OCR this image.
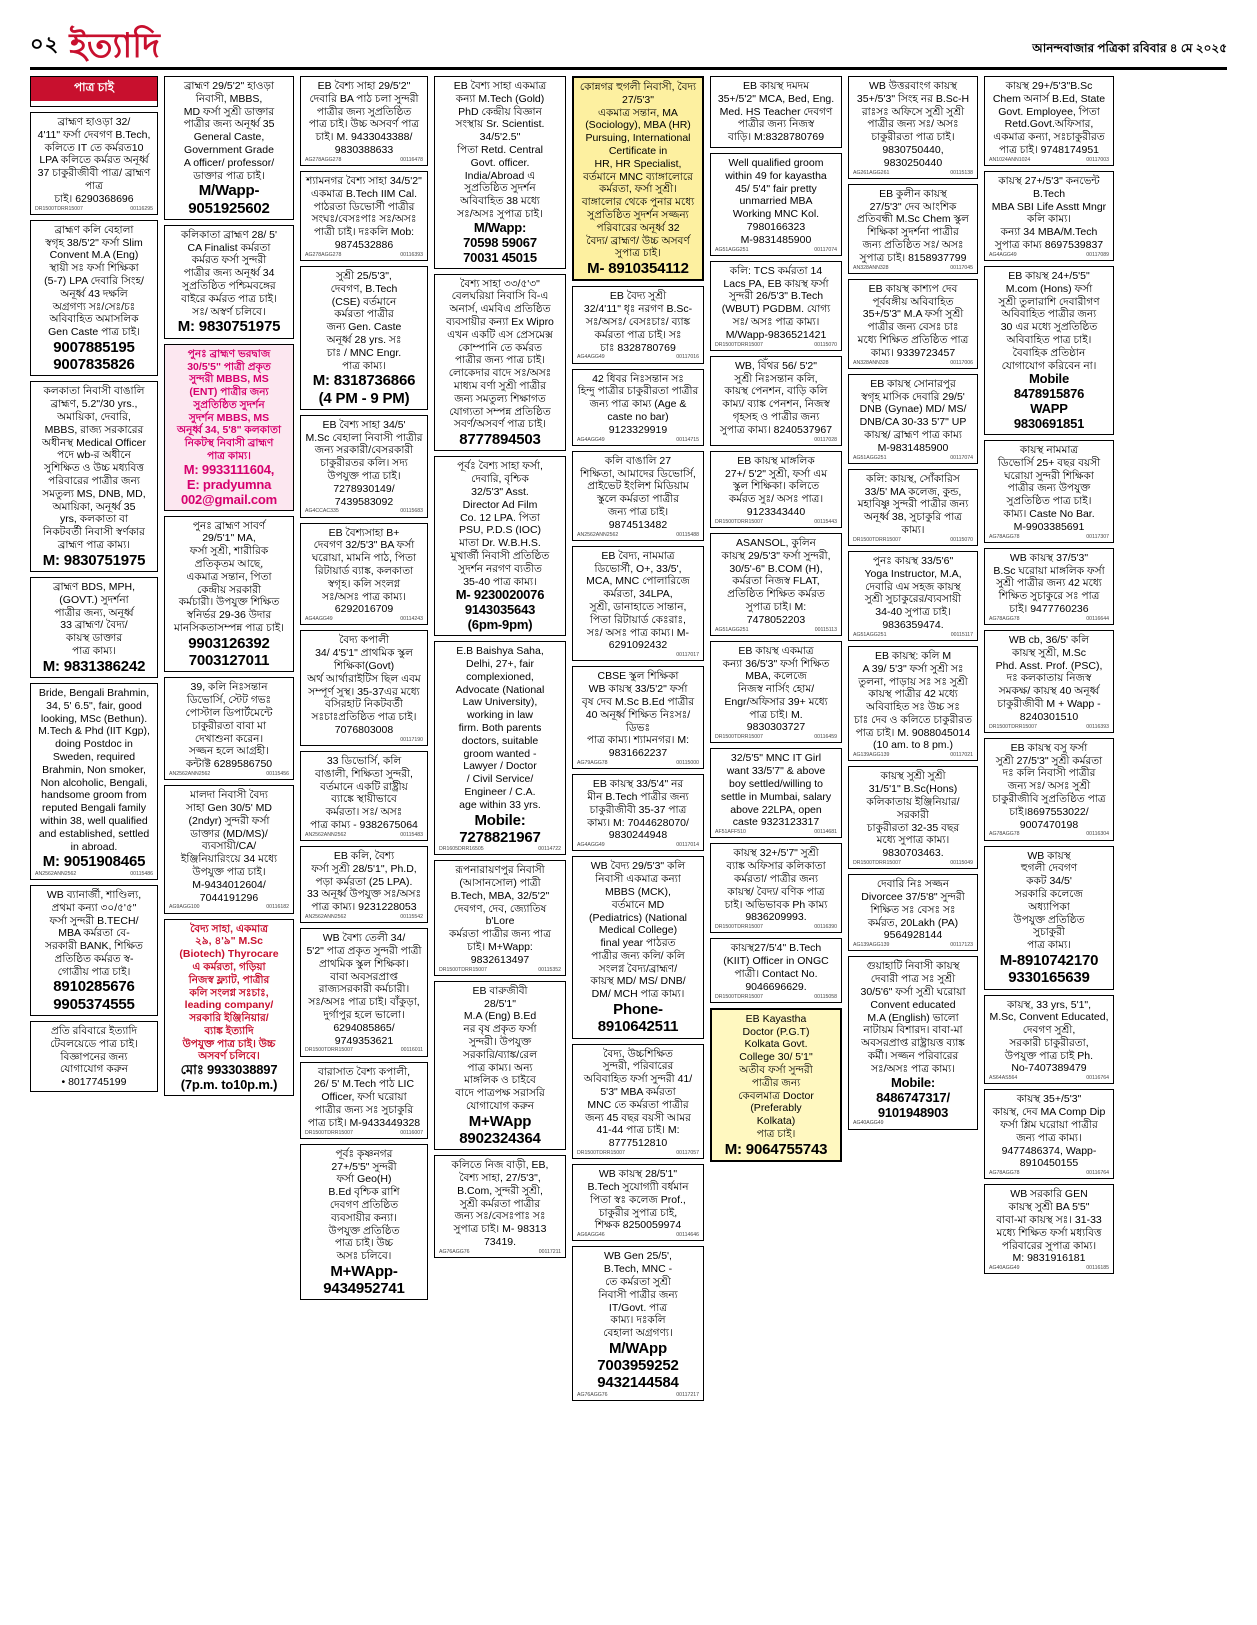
০২ ইত্যাদি	আনন্দবাজার পত্রিকা রবিবার ৪ মে ২০২৫
পাত্র চাই
ব্রাহ্মণ হাওড়া 32/
4'11" ফর্সা দেবগণ B.Tech,
কলিতে IT তে কর্মরত10
LPA কলিতে কর্মরত অনূর্ধ্ব
37 চাকুরীজীবী পাত্র/ ব্রাহ্মণ পাত্র
চাই। 6290368696
DR1500TDRR15007	00116295
ব্রাহ্মণ কলি বেহালা
স্বগৃহ 38/5'2" ফর্সা Slim
Convent M.A (Eng)
স্থায়ী সঃ ফর্সা শিক্ষিকা
(5-7) LPA দেবারি সিংহ/
অনূর্ধ্ব 43 দক্ষলি
অগ্রগণ্য সঃ/সেঃ/চঃ
অবিবাহিত অমাসলিক
Gen Caste পাত্র চাই।
9007885195
9007835826
কলকাতা নিবাসী বাঙালি
ব্রাহ্মণ, 5.2"/30 yrs.,
অমায়িকা, দেবারি,
MBBS, রাজ্য সরকারের
অধীনস্থ Medical Officer
পদে wb-র অধীনে
সুশিক্ষিত ও উচ্চ মধ্যবিত্ত
পরিবারের পাত্রীর জন্য
সমতুল্য MS, DNB, MD,
অমায়িকা, অনূর্ধ্ব 35
yrs, কলকাতা বা
নিকটবর্তী নিবাসী স্বর্ণকার
ব্রাহ্মণ পাত্র কাম্য।
M: 9830751975
ব্রাহ্মণ BDS, MPH,
(GOVT.) সুদর্শনা
পাত্রীর জন্য, অনূর্ধ্ব
33 ব্রাহ্মণ/ বৈদ্য/
কায়স্থ ডাক্তার
পাত্র কাম্য।
M: 9831386242
Bride, Bengali Brahmin,
34, 5' 6.5", fair, good
looking, MSc (Bethun).
M.Tech & Phd (IIT Kgp),
doing Postdoc in
Sweden, required
Brahmin, Non smoker,
Non alcoholic, Bengali,
handsome groom from
reputed Bengali family
within 38, well qualified
and established, settled
in abroad.
M: 9051908465
AN2562ANN2562	00115486
WB ব্যানার্জী, শাণ্ডিল্য,
প্রথমা কন্যা ৩০/৫'৫"
ফর্সা সুন্দরী B.TECH/
MBA কর্মরতা বে-
সরকারী BANK, শিক্ষিত
প্রতিষ্ঠিত কর্মরত স্ব-
গোত্রীয় পাত্র চাই।
8910285676
9905374555
প্রতি রবিবারে ইত্যাদি
টেবলয়েডে পাত্র চাই।
বিজ্ঞাপনের জন্য
যোগাযোগ করুন
• 8017745199
ব্রাহ্মণ 29/5'2" হাওড়া
নিবাসী, MBBS,
MD ফর্সা সুশ্রী ডাক্তার
পাত্রীর জন্য অনূর্ধ্ব 35
General Caste,
Government Grade
A officer/ professor/
ডাক্তার পাত্র চাই।
M/Wapp-
9051925602
কলিকাতা ব্রাহ্মণ 28/ 5'
CA Finalist কর্মরতা
কর্মরত ফর্সা সুন্দরী
পাত্রীর জন্য অনূর্ধ্ব 34
সুপ্রতিষ্ঠিত পশ্চিমবঙ্গের
বাইরে কর্মরত পাত্র চাই।
সঃ/ অস্বর্ণ চলিবে।
M: 9830751975
পুনঃ ব্রাহ্মণ ভরদ্বাজ
30/5'5" পাত্রী প্রকৃত
সুন্দরী MBBS, MS
(ENT) পাত্রীর জন্য
সুপ্রতিষ্ঠিত সুদর্শন
সুদর্শন MBBS, MS
অনূর্ধ্ব 34, 5'8" কলকাতা
নিকটস্থ নিবাসী ব্রাহ্মণ
পাত্র কাম্য।
M: 9933111604,
E: pradyumna
002@gmail.com
পুনঃ ব্রাহ্মণ সাবর্ণ
29/5'1" MA,
ফর্সা সুশ্রী, শারীরিক
প্রতিকৃতম আছে,
একমাত্র সন্তান, পিতা
কেন্দ্রীয় সরকারী
কর্মচারী। উপযুক্ত শিক্ষিত
স্বনির্ভর 29-36 উদার
মানসিকতাসম্পন্ন পাত্র চাই।
9903126392
7003127011
39, কলি নিঃসন্তান
ডিভোর্সি, স্টেট গভঃ
পোস্টাল ডিপার্টমেন্টে
চাকুরীরতা বাবা মা
দেখাশুনা করেন।
সজ্জন হলে আগ্রহী।
কন্টাক্ট 6289586750
AN2562ANN2562	00115456
মালদা নিবাসী বৈদ্য
সাহা Gen 30/5' MD
(2ndyr) সুন্দরী ফর্সা
ডাক্তার (MD/MS)/
ব্যবসায়ী/CA/
ইঞ্জিনিয়ারিংয়ে 34 মধ্যে
উপযুক্ত পাত্র চাই।
M-9434012604/
7044191296
AG9AGG100	00116182
বৈদ্য সাহা, একমাত্র
২৯, ৪'৯" M.Sc
(Biotech) Thyrocare
এ কর্মরতা, গড়িয়া
নিজস্ব ফ্ল্যাট, পাত্রীর
কলি সংলগ্ন সঃচাঃ,
leading company/
সরকারি ইঞ্জিনিয়ার/
ব্যাঙ্ক ইত্যাদি
উপযুক্ত পাত্র চাই। উচ্চ
অসবর্ণ চলিবে।
মোঃ 9933038897
(7p.m. to10p.m.)
EB বৈশ্য সাহা 29/5'2"
দেবারি BA পাঠ চলা সুন্দরী
পাত্রীর জন্য সুপ্রতিষ্ঠিত
পাত্র চাই। উচ্চ অসবর্ণ পাত্র
চাই। M. 9433043388/
9830388633
AG278AGG278	00116478
শ্যামনগর বৈশ্য সাহা 34/5'2"
একমাত্র B.Tech IIM Cal.
পাঠরতা ডিভোর্সী পাত্রীর
সংঘঃ/বেসঃপাঃ সঃ/অসঃ
পাত্রী চাই। দঃকলি Mob:
9874532886
AG278AGG278	00116393
সুশ্রী 25/5'3",
দেবগণ, B.Tech
(CSE) বর্তমানে
কর্মরতা পাত্রীর
জন্য Gen. Caste
অনূর্ধ্ব 28 yrs. সঃ
চাঃ / MNC Engr.
পাত্র কাম্য।
M: 8318736866
(4 PM - 9 PM)
EB বৈশ্য সাহা 34/5'
M.Sc বেহালা নিবাসী পাত্রীর
জন্য সরকারী/বেসরকারী
চাকুরীরতর কলি। সদ্য
উপযুক্ত পাত্র চাই।
7278930149/ 7439583092
AG4CCAC335	00115683
EB বৈশ্যসাহা B+
দেবগণ 32/5'3" BA ফর্সা
ঘরোয়া, মামনি পাঠ, পিতা
রিটায়ার্ড ব্যাঙ্ক, কলকাতা
স্বগৃহ। কলি সংলগ্ন
সঃ/অসঃ পাত্র কাম্য।
6292016709
AG4AGG49	00114243
বৈদ্য কপালী
34/ 4'5'1" প্রাথমিক স্কুল
শিক্ষিকা(Govt)
অর্থ আর্থারাইটিস ছিল এবম
সম্পূর্ণ সুস্থ। 35-37এর মধ্যে
বসিরহাট নিকটবর্তী
সঃচাঃপ্রতিষ্ঠিত পাত্র চাই।
7076803008
00117190
33 ডিভোর্সি, কলি
বাঙালী, শিক্ষিতা সুন্দরী,
বর্তমানে একটি রাষ্ট্রীয়
ব্যাঙ্কে স্থায়ীভাবে
কর্মরতা। সঃ/ অসঃ
পাত্র কাম্য - 9382675064
AN2562ANN2562	00115483
EB কলি, বৈশ্য
ফর্সা সুশ্রী 28/5'1", Ph.D,
পড়া কর্মরতা (25 LPA).
33 অনূর্ধ্ব উপযুক্ত সঃ/অসঃ
পাত্র কাম্য। 9231228053
AN2562ANN2562	00115542
WB বৈশ্য তেলী 34/
5'2" পাত্র প্রকৃত সুন্দরী পাত্রী
প্রাথমিক স্কুল শিক্ষিকা।
বাবা অবসরপ্রাপ্ত
রাজ্যসরকারী কর্মচারী।
সঃ/অসঃ পাত্র চাই। বাঁকুড়া,
দুর্গাপুর হলে ভালো।
6294085865/ 9749353621
DR1500TDRR15007	00116011
বারাসাত বৈশ্য কপালী,
26/ 5' M.Tech পাঠ LIC
Officer, ফর্সা ঘরোয়া
পাত্রীর জন্য সঃ সুচাকুরি
পাত্র চাই। M-9433449328
DR1500TDRR15007	00116007
পূর্বঃ কৃষ্ণনগর
27+/5'5" সুন্দরী
ফর্সা Geo(H)
B.Ed বৃশ্চিক রাশি
দেবগণ প্রতিষ্ঠিত
ব্যবসায়ীর কন্যা।
উপযুক্ত প্রতিষ্ঠিত
পাত্র চাই। উচ্চ
অসঃ চলিবে।
M+WApp-
9434952741
EB বৈশ্য সাহা একমাত্র
কন্যা M.Tech (Gold)
PhD কেন্দ্রীয় বিজ্ঞান
সংস্থায় Sr. Scientist.
34/5'2.5"
পিতা Retd. Central
Govt. officer.
India/Abroad এ
সুপ্রতিষ্ঠিত সুদর্শন
অবিবাহিত 38 মধ্যে
সঃ/অসঃ সুপাত্র চাই।
M/Wapp:
70598 59067
70031 45015
বৈশ্য সাহা ৩৩/৫'৩"
বেলঘরিয়া নিবাসি বি-এ
অনার্স, এমবিএ প্রতিষ্ঠিত
ব্যবসায়ীর কন্যা Ex Wipro
এখন একটি এস প্রেসমেক্স
কোম্পানি তে কর্মরত
পাত্রীর জন্য পাত্র চাই।
লোকেদার বাদে সঃ/অসঃ
মাধ্যম বর্ণা সুশ্রী পাত্রীর
জন্য সমতুল্য শিক্ষাগত
যোগ্যতা সম্পন্ন প্রতিষ্ঠিত
সবর্ণ/অসবর্ণ পাত্র চাই।
8777894503
পূর্বঃ বৈশ্য সাহা ফর্সা,
দেবারি, বৃশ্চিক
32/5'3" Asst.
Director Ad Film
Co. 12 LPA. পিতা
PSU, P.D.S (IOC)
মাতা Dr. W.B.H.S.
মুখার্জী নিবাসী প্রতিষ্ঠিত
সুদর্শন নরগণ ব্যতীত
35-40 পাত্র কাম্য।
M- 9230020076
9143035643
(6pm-9pm)
E.B Baishya Saha,
Delhi, 27+, fair
complexioned,
Advocate (National
Law University),
working in law
firm. Both parents
doctors, suitable
groom wanted -
Lawyer / Doctor
/ Civil Service/
Engineer / C.A.
age within 33 yrs.
Mobile:
7278821967
DR1605DRR16505	00114722
রূপনারায়ণপুর নিবাসী
(আসানসোল) পাত্রী
B.Tech, MBA, 32/5'2"
দেবগণ, দেব, জ্যোতিষ b'Lore
কর্মরতা পাত্রীর জন্য পাত্র
চাই। M+Wapp:
9832613497
DR1500TDRR15007	00115352
EB বারুজীবী
28/5'1"
M.A (Eng) B.Ed
নর বৃষ প্রকৃত ফর্সা
সুন্দরী। উপযুক্ত
সরকারি/ব্যাঙ্ক/রেল
পাত্র কাম্য। অন্য
মাঙ্গলিক ও চাইবে
বাদে পাত্রপক্ষ সরাসরি
যোগাযোগ করুন
M+WApp
8902324364
কলিতে নিজ বাড়ী, EB,
বৈশ্য সাহা, 27/5'3",
B.Com, সুন্দরী সুশ্রী,
সুশ্রী কর্মরতা পাত্রীর
জন্য সঃ/বেসঃপাঃ সঃ
সুপাত্র চাই। M- 98313
73419.
AG76AGG76	00117211
কোন্নগর হুগলী নিবাসী, বৈদ্য 27/5'3"
একমাত্র সন্তান, MA (Sociology), MBA (HR)
Pursuing, International Certificate in
HR, HR Specialist, বর্তমানে MNC ব্যাঙ্গালোরে
কর্মরতা, ফর্সা সুশ্রী। বাঙ্গালোর থেকে পুনার মধ্যে
সুপ্রতিষ্ঠিত সুদর্শন সজ্জন্য পরিবারের অনূর্ধ্ব 32
বৈদ্য/ ব্রাহ্মণ/ উচ্চ অসবর্ণ সুপাত্র চাই।
M- 8910354112
EB বৈদ্য সুশ্রী
32/4'11" ধৃঃ নরগণ B.Sc-
সঃ/অসঃ/ বেসঃচাঃ/ ব্যাঙ্ক
কর্মরতা পাত্র চাই। সঃ
চাঃ 8328780769
AG4AGG49	00117016
42 ধিবর নিঃসন্তান সঃ
হিন্দু পাত্রীর চাকুরীরতা পাত্রীর
জন্য পাত্র কাম্য (Age &
caste no bar)
9123329919
AG4AGG49	00114715
কলি বাঙালি 27
শিক্ষিতা, আমাদের ডিভোর্সি,
প্রাইভেট ইংলিশ মিডিয়াম
স্কুলে কর্মরতা পাত্রীর
জন্য পাত্র চাই।
9874513482
AN2562ANN2562	00115488
EB বৈদ্য, নামমাত্র
ডিভোর্সী, O+, 33/5',
MCA, MNC পোলারিজে
কর্মরতা, 34LPA,
সুশ্রী, ডানাহাতে সান্তান,
পিতা রিটায়ার্ড কেঃরাঃ,
সঃ/ অসঃ পাত্র কাম্য। M-
6291092432
00117017
CBSE স্কুল শিক্ষিকা
WB কায়স্থ 33/5'2" ফর্সা
বৃষ দেব M.Sc B.Ed পাত্রীর
40 অনূর্ধ্ব শিক্ষিত নিঃসঃ/ডিভঃ
পাত্র কাম্য। শ্যামনগর। M:
9831662237
AG79AGG78	00115000
EB কায়স্থ 33/5'4" নর
মীন B.Tech পাত্রীর জন্য
চাকুরীজীবী 35-37 পাত্র
কাম্য। M: 7044628070/
9830244948
AG4AGG49	00117014
WB বৈদ্য 29/5'3" কলি
নিবাসী একমাত্র কন্যা
MBBS (MCK),
বর্তমানে MD
(Pediatrics) (National
Medical College)
final year পাঠরত
পাত্রীর জন্য কলি/ কলি
সংলগ্ন বৈদ্য/ব্রাহ্মণ/
কায়স্থ MD/ MS/ DNB/
DM/ MCH পাত্র কাম্য।
Phone-
8910642511
বৈদ্য, উচ্চশিক্ষিত
সুন্দরী, পরিবারের
অবিবাহিত ফর্সা সুন্দরী 41/
5'3" MBA কর্মরতা
MNC তে কর্মরতা পাত্রীর
জন্য 45 বছর বয়সী আমর
41-44 পাত্র চাই। M:
8777512810
DR1500TDRR15007	00117057
WB কায়স্থ 28/5'1"
B.Tech সুযোগ্যাী বর্ধমান
পিতা স্বঃ কলেজ Prof.,
চাকুরীর সুপাত্র চাই,
শিক্ষক 8250059974
AG6AGG46	00114646
WB Gen 25/5',
B.Tech, MNC -
তে কর্মরতা সুশ্রী
নিবাসী পাত্রীর জন্য
IT/Govt. পাত্র
কাম্য। দঃকলি
বেহালা অগ্রগণ্য।
M/WApp
7003959252
9432144584
AG76AGG76	00117217
EB কায়স্থ দমদম
35+/5'2" MCA, Bed, Eng.
Med. HS Teacher দেবগণ
পাত্রীর জন্য নিজস্ব
বাড়ি। M:8328780769
Well qualified groom
within 49 for kayastha
45/ 5'4" fair pretty
unmarried MBA
Working MNC Kol.
7980166323
M-9831485900
AG51AGG251	00117074
কলি: TCS কর্মরতা 14
Lacs PA, EB কায়স্থ ফর্সা
সুন্দরী 26/5'3" B.Tech
(WBUT) PGDBM. যোগ্য
সঃ/ অসঃ পাত্র কাম্য।
M/Wapp-9836521421
DR1500TDRR15007	00115070
WB, বিঁথর 56/ 5'2"
সুশ্রী নিঃসন্তান কলি,
কায়স্থ পেনশন, বাড়ি কলি
কাম্য/ ব্যাঙ্ক পেনশন, নিজস্ব
গৃহসহ ও পাত্রীর জন্য
সুপাত্র কাম্য। 8240537967
00117028
EB কায়স্থ মাঙ্গলিক
27+/ 5'2" সুশ্রী, ফর্সা এম
স্কুল শিক্ষিকা। কলিতে
কর্মরত সুঃ/ অসঃ পাত্র।
9123343440
DR1500TDRR15007	00115443
ASANSOL, কুলিন
কায়স্থ 29/5'3" ফর্সা সুন্দরী,
30/5'-6" B.COM (H),
কর্মরতা নিজস্ব FLAT,
প্রতিষ্ঠিত শিক্ষিত কর্মরত
সুপাত্র চাই। M:
7478052203
AG51AGG251	00115113
EB কায়স্থ একমাত্র
কন্যা 36/5'3" ফর্সা শিক্ষিত
MBA, কলেজে
নিজস্ব নার্সিং হোম/
Engr/অফিসার 39+ মধ্যে
পাত্র চাই। M.
9830303727
DR1500TDRR15007	00116459
32/5'5" MNC IT Girl
want 33/5'7" & above
boy settled/willing to
settle in Mumbai, salary
above 22LPA, open
caste 9323123317
AF51AFF510	00114681
কায়স্থ 32+/5'7" সুশ্রী
ব্যাঙ্ক অফিসার কলিকাতা
কর্মরতা/ পাত্রীর জন্য
কায়স্থ/ বৈদ্য/ বণিক পাত্র
চাই। অভিভাবক Ph কাম্য
9836209993.
DR1500TDRR15007	00116390
কায়স্থ27/5'4" B.Tech
(KIIT) Officer in ONGC
পাত্রী। Contact No.
9046696629.
DR1500TDRR15007	00115058
EB Kayastha
Doctor (P.G.T)
Kolkata Govt.
College 30/ 5'1"
অতীব ফর্সা সুন্দরী
পাত্রীর জন্য
কেবলমাত্র Doctor
(Preferably
Kolkata)
পাত্র চাই।
M: 9064755743
WB উত্তরবাংগ কায়স্থ
35+/5'3" সিংহ নর B.Sc-H
রাঃসঃ অফিসে সুশ্রী সুশ্রী
পাত্রীর জন্য সঃ/ অসঃ
চাকুরীরতা পাত্র চাই।
9830750440, 9830250440
AG261AGG261	00115138
EB কুলীন কায়স্থ
27/5'3" দেব আংশিক
প্রতিবন্ধী M.Sc Chem স্কুল
শিক্ষিকা সুদর্শনা পাত্রীর
জন্য প্রতিষ্ঠিত সঃ/ অসঃ
সুপাত্র চাই। 8158937799
AN328ANN328	00117045
EB কায়স্থ কাশ্যপ দেব
পূর্ববঙ্গীয় অবিবাহিত
35+/5'3" M.A ফর্সা সুশ্রী
পাত্রীর জন্য বেসঃ চাঃ
মধ্যে শিক্ষিত প্রতিষ্ঠিত পাত্র
কাম্য। 9339723457
AN328ANN328	00117006
EB কায়স্থ সোনারপুর
স্বগৃহ মাসিক দেবারি 29/5'
DNB (Gynae) MD/ MS/
DNB/CA 30-33 5'7" UP
কায়স্থ/ ব্রাহ্মণ পাত্র কাম্য
M-9831485900
AG51AGG251	00117074
কলি: কায়স্থ, সোঁকারিস
33/5' MA কলেজ, কুন্ড,
মহাবিষ্ণু সুন্দরী পাত্রীর জন্য
অনূর্ধ্ব 38, সুচাকুরি পাত্র
কাম্য।
DR1500TDRR15007	00115070
পুনঃ কায়স্থ 33/5'6"
Yoga Instructor, M.A,
দেবারি এম সহজ কায়স্থ
সুশ্রী সুচাকুরের/ব্যবসায়ী
34-40 সুপাত্র চাই।
9836359474.
AG51AGG251	00115117
EB কায়স্থ: কলি M
A 39/ 5'3" ফর্সা সুশ্রী সঃ
তুলনা, পাড়ায় সঃ সঃ সুশ্রী
কায়স্থ পাত্রীর 42 মধ্যে
অবিবাহিত সঃ উচ্চ সঃ
চাঃ দেব ও কলিতে চাকুরীরত
পাত্র চাই। M. 9088045014
(10 am. to 8 pm.)
AG139AGG139	00117021
কায়স্থ সুশ্রী সুশ্রী
31/5'1" B.Sc(Hons)
কলিকাতায় ইঞ্জিনিয়ার/সরকারী
চাকুরীরতা 32-35 বছর
মধ্যে সুপাত্র কাম্য।
9830703463.
DR1500TDRR15007	00115049
দেবারি নিঃ সজ্জন
Divorcee 37/5'8" সুন্দরী
শিক্ষিত সঃ বেসঃ সঃ
কর্মরত, 20Lakh (PA)
9564928144
AG139AGG139	00117123
গুয়াহাটি নিবাসী কায়স্থ
দেবারী পাত্র সঃ সুশ্রী
30/5'6" ফর্সা সুশ্রী ঘরোয়া
Convent educated
M.A (English) ভালো
নাটায়ম বিশারদ। বাবা-মা
অবসরপ্রাপ্ত রাষ্ট্রায়ত্ত ব্যাঙ্ক
কর্মী। সজ্জন পরিবারের
সঃ/অসঃ পাত্র কাম্য।
Mobile:
8486747317/
9101948903
AG40AGG49
কায়স্থ 29+/5'3"B.Sc
Chem অনার্স B.Ed, State
Govt. Employee, পিতা
Retd.Govt.অফিসার,
একমাত্র কন্যা, সঃচাকুরীরত
পাত্র চাই। 9748174951
AN1024ANN1024	00117003
কায়স্থ 27+/5'3" কনভেন্ট B.Tech
MBA SBI Life Asstt Mngr
কলি কাম্য।
কন্যা 34 MBA/M.Tech
সুপাত্র কাম্য 8697539837
AG4AGG49	00117089
EB কায়স্থ 24+/5'5"
M.com (Hons) ফর্সা
সুশ্রী তুলারাশি দেবারীগণ
অবিবাহিত পাত্রীর জন্য
30 এর মধ্যে সুপ্রতিষ্ঠিত
অবিবাহিত পাত্র চাই।
বৈবাহিক প্রতিষ্ঠান
যোগাযোগ করিবেন না।
Mobile
8478915876
WAPP
9830691851
কায়স্থ নামমাত্র
ডিভোর্সি 25+ বছর বয়সী
ঘরোয়া সুন্দরী শিক্ষিকা
পাত্রীর জন্য উপযুক্ত
সুপ্রতিষ্ঠিত পাত্র চাই।
কাম্য। Caste No Bar.
M-9903385691
AG78AGG78	00117307
WB কায়স্থ 37/5'3"
B.Sc ঘরোয়া মাঙ্গলিক ফর্সা
সুশ্রী পাত্রীর জন্য 42 মধ্যে
শিক্ষিত সুচাকুরে সঃ পাত্র
চাই। 9477760236
AG78AGG78	00116644
WB cb, 36/5' কলি
কায়স্থ সুশ্রী, M.Sc
Phd. Asst. Prof. (PSC),
দঃ কলকাতায় নিজস্ব
সমকক্ষ/ কায়স্থ 40 অনূর্ধ্ব
চাকুরীজীবী M + Wapp -
8240301510
DR1500TDRR15007	00116393
EB কায়স্থ বসু ফর্সা
সুশ্রী 27/5'3" সুশ্রী কর্মরতা
দঃ কলি নিবাসী পাত্রীর
জন্য সঃ/ অসঃ সুশ্রী
চাকুরীজীবি সুপ্রতিষ্ঠিত পাত্র
চাই।8697553022/
9007470198
AG78AGG78	00116304
WB কায়স্থ
হুগলী দেবগণ
ককট 34/5'
সরকারি কলেজে
অধ্যাপিকা
উপযুক্ত প্রতিষ্ঠিত
সুচাকুরী
পাত্র কাম্য।
M-8910742170
9330165639
কায়স্থ, 33 yrs, 5'1",
M.Sc, Convent Educated,
দেবগণ সুশ্রী,
সরকারী চাকুরীরতা,
উপযুক্ত পাত্র চাই Ph.
No-7407389479
AS64AS564	00116764
কায়স্থ 35+/5'3"
কায়স্থ, দেব MA Comp Dip
ফর্সা শ্লিম ঘরোয়া পাত্রীর
জন্য পাত্র কাম্য।
9477486374, Wapp-
8910450155
AG78AGG78	00116764
WB সরকারি GEN
কায়স্থ সুশ্রী BA 5'5"
বাবা-মা কায়স্থ সঃ। 31-33
মধ্যে শিক্ষিত ফর্সা মধ্যবিত্ত
পরিবারের সুপাত্র কাম্য।
M: 9831916181
AG40AGG49	00116185
